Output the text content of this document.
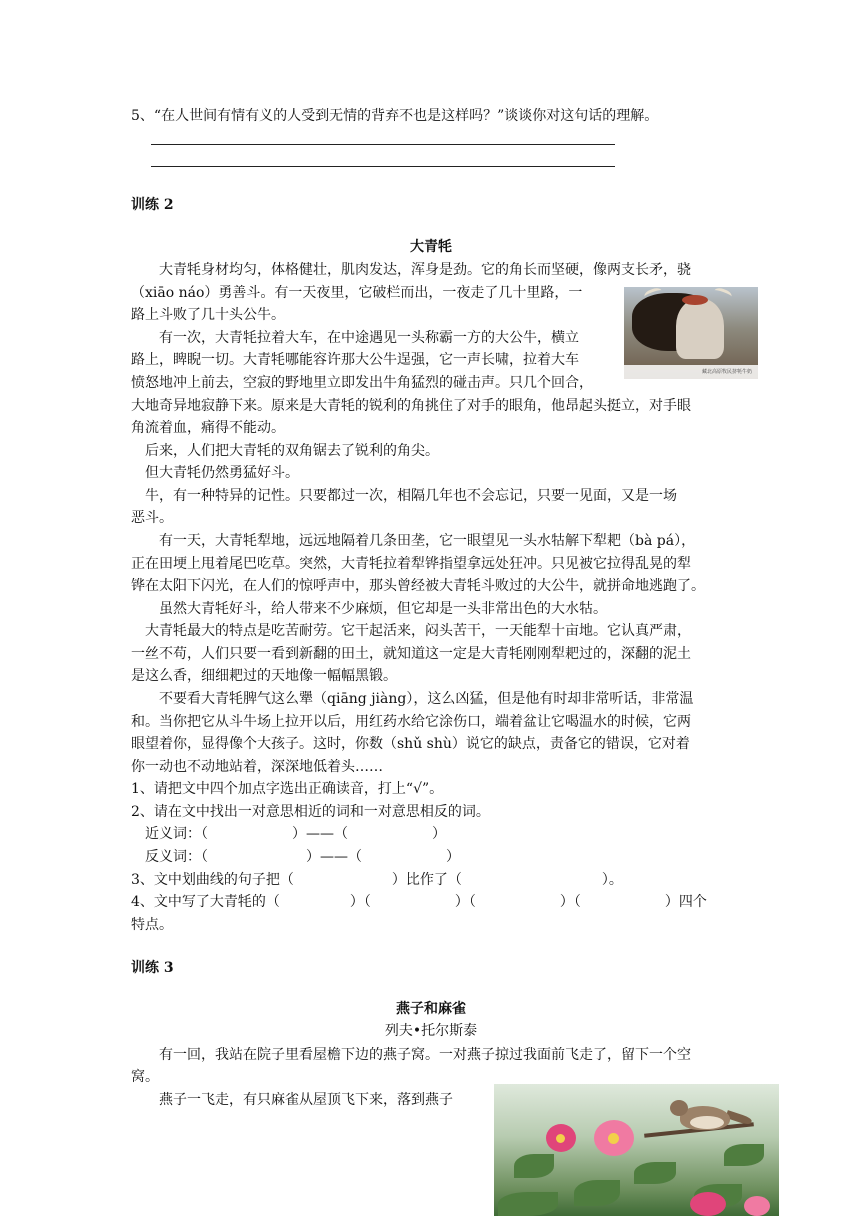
5、“在人世间有情有义的人受到无情的背弃不也是这样吗？”谈谈你对这句话的理解。
训练 2
大青牦
藏北高原牧民挤牦牛奶
　　大青牦身材均匀，体格健壮，肌肉发达，浑身是劲。它的角长而坚硬，像两支长矛，骁
（xiāo náo）勇善斗。有一天夜里，它破栏而出，一夜走了几十里路，一
路上斗败了几十头公牛。
　　有一次，大青牦拉着大车，在中途遇见一头称霸一方的大公牛，横立
路上，睥睨一切。大青牦哪能容许那大公牛逞强，它一声长啸，拉着大车
愤怒地冲上前去，空寂的野地里立即发出牛角猛烈的碰击声。只几个回合，
大地奇异地寂静下来。原来是大青牦的锐利的角挑住了对手的眼角，他昂起头挺立，对手眼
角流着血，痛得不能动。
　后来，人们把大青牦的双角锯去了锐利的角尖。
　但大青牦仍然勇猛好斗。
　牛，有一种特异的记性。只要都过一次，相隔几年也不会忘记，只要一见面，又是一场
恶斗。
　　有一天，大青牦犁地，远远地隔着几条田垄，它一眼望见一头水牯解下犁耙（bà pá），
正在田埂上甩着尾巴吃草。突然，大青牦拉着犁铧指望拿远处狂冲。只见被它拉得乱晃的犁
铧在太阳下闪光，在人们的惊呼声中，那头曾经被大青牦斗败过的大公牛，就拼命地逃跑了。
　　虽然大青牦好斗，给人带来不少麻烦，但它却是一头非常出色的大水牯。
　大青牦最大的特点是吃苦耐劳。它干起活来，闷头苦干，一天能犁十亩地。它认真严肃，
一丝不苟，人们只要一看到新翻的田土，就知道这一定是大青牦刚刚犁耙过的，深翻的泥土
是这么香，细细耙过的天地像一幅幅黑锻。
　　不要看大青牦脾气这么犟（qiāng jiàng），这么凶猛，但是他有时却非常听话，非常温
和。当你把它从斗牛场上拉开以后，用红药水给它涂伤口，端着盆让它喝温水的时候，它两
眼望着你，显得像个大孩子。这时，你数（shǔ shù）说它的缺点，责备它的错误，它对着
你一动也不动地站着，深深地低着头……
1、请把文中四个加点字选出正确读音，打上“√”。
2、请在文中找出一对意思相近的词和一对意思相反的词。
　近义词：（　　　　　　）——（　　　　　　）
　反义词：（　　　　　　　）——（　　　　　　）
3、文中划曲线的句子把（　　　　　　　）比作了（　　　　　　　　　　）。
4、文中写了大青牦的（　　　　　）（　　　　　　）（　　　　　　）（　　　　　　）四个
特点。
训练 3
燕子和麻雀
列夫•托尔斯泰
　　有一回，我站在院子里看屋檐下边的燕子窝。一对燕子掠过我面前飞走了，留下一个空
窝。
　　燕子一飞走，有只麻雀从屋顶飞下来，落到燕子
